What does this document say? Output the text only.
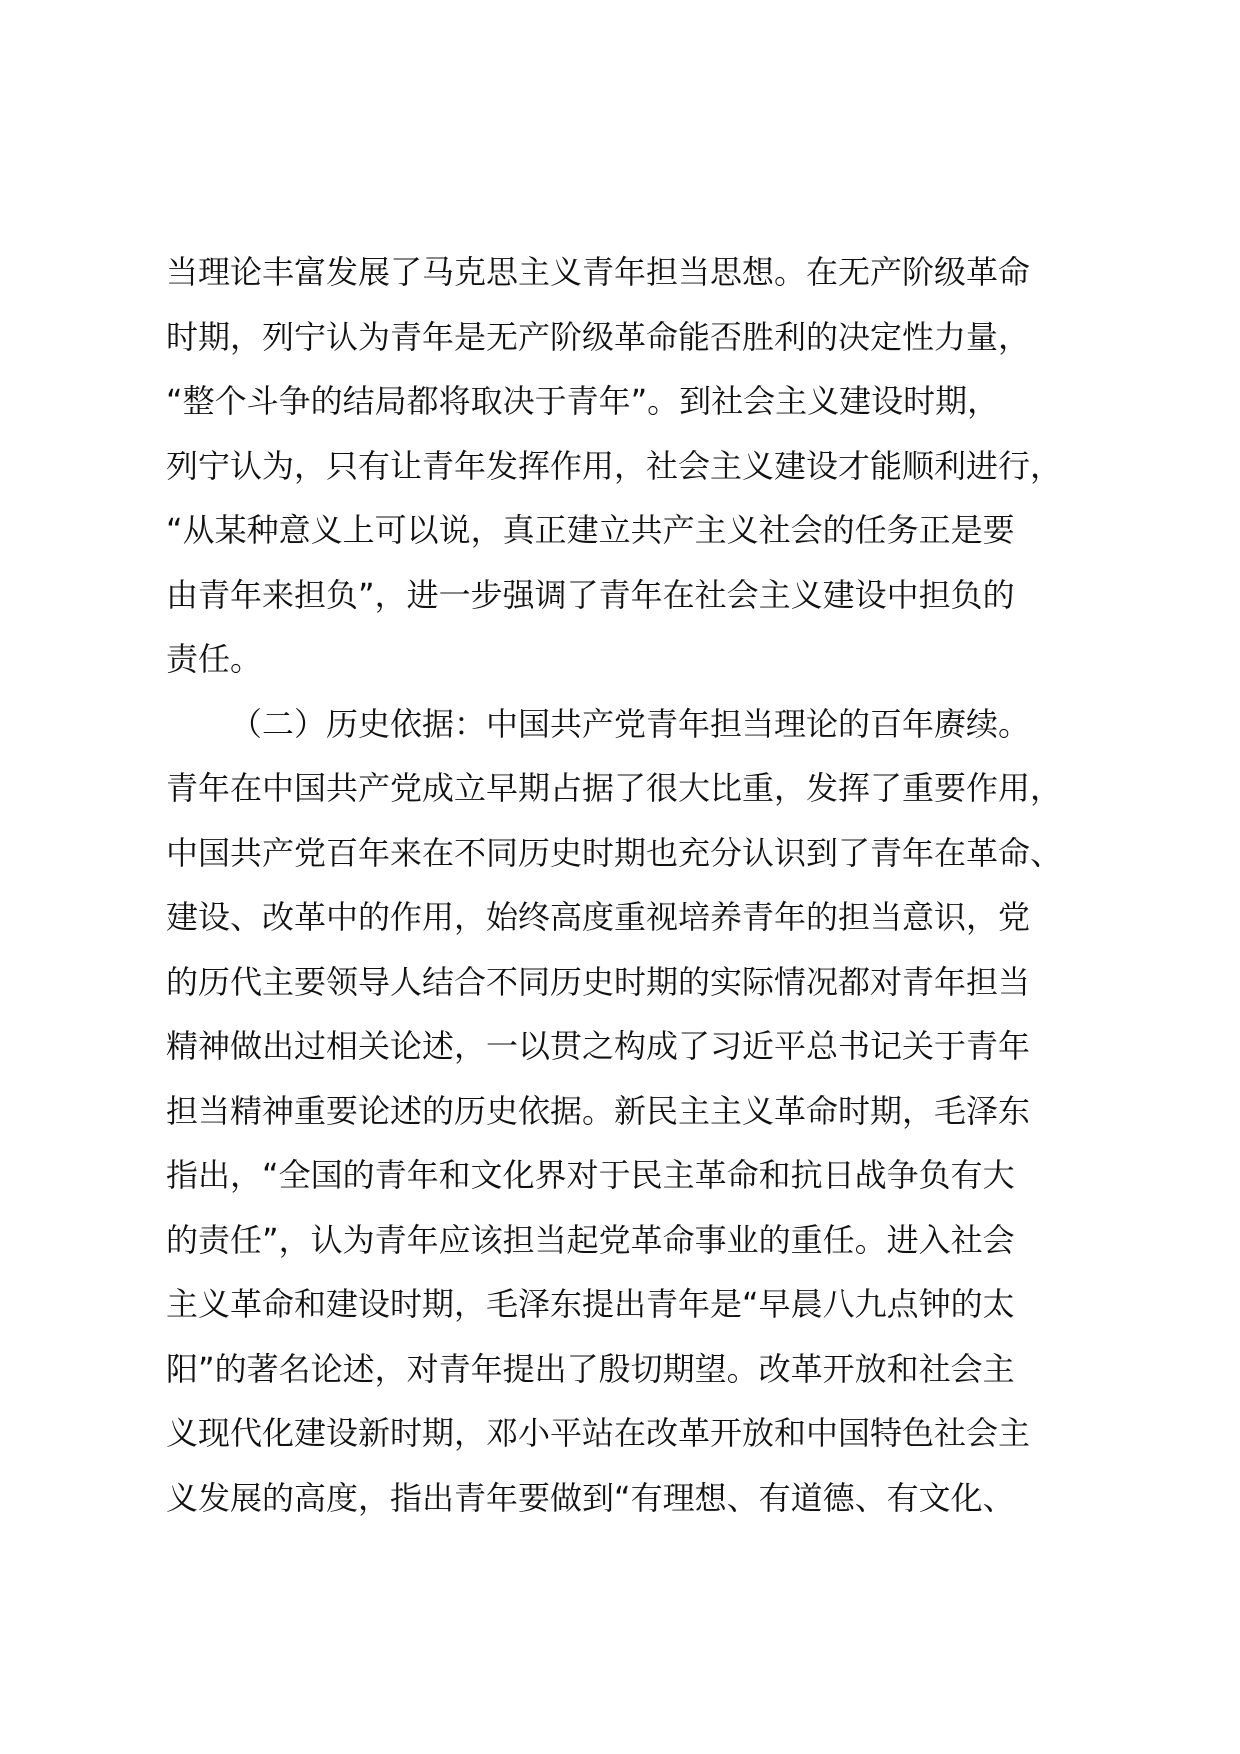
当理论丰富发展了马克思主义青年担当思想。在无产阶级革命
时期，列宁认为青年是无产阶级革命能否胜利的决定性力量，
“整个斗争的结局都将取决于青年”。到社会主义建设时期，
列宁认为，只有让青年发挥作用，社会主义建设才能顺利进行，
“从某种意义上可以说，真正建立共产主义社会的任务正是要
由青年来担负”，进一步强调了青年在社会主义建设中担负的
责任。
（二）历史依据：中国共产党青年担当理论的百年赓续。
青年在中国共产党成立早期占据了很大比重，发挥了重要作用，
中国共产党百年来在不同历史时期也充分认识到了青年在革命、
建设、改革中的作用，始终高度重视培养青年的担当意识，党
的历代主要领导人结合不同历史时期的实际情况都对青年担当
精神做出过相关论述，一以贯之构成了习近平总书记关于青年
担当精神重要论述的历史依据。新民主主义革命时期，毛泽东
指出，“全国的青年和文化界对于民主革命和抗日战争负有大
的责任”，认为青年应该担当起党革命事业的重任。进入社会
主义革命和建设时期，毛泽东提出青年是“早晨八九点钟的太
阳”的著名论述，对青年提出了殷切期望。改革开放和社会主
义现代化建设新时期，邓小平站在改革开放和中国特色社会主
义发展的高度，指出青年要做到“有理想、有道德、有文化、
